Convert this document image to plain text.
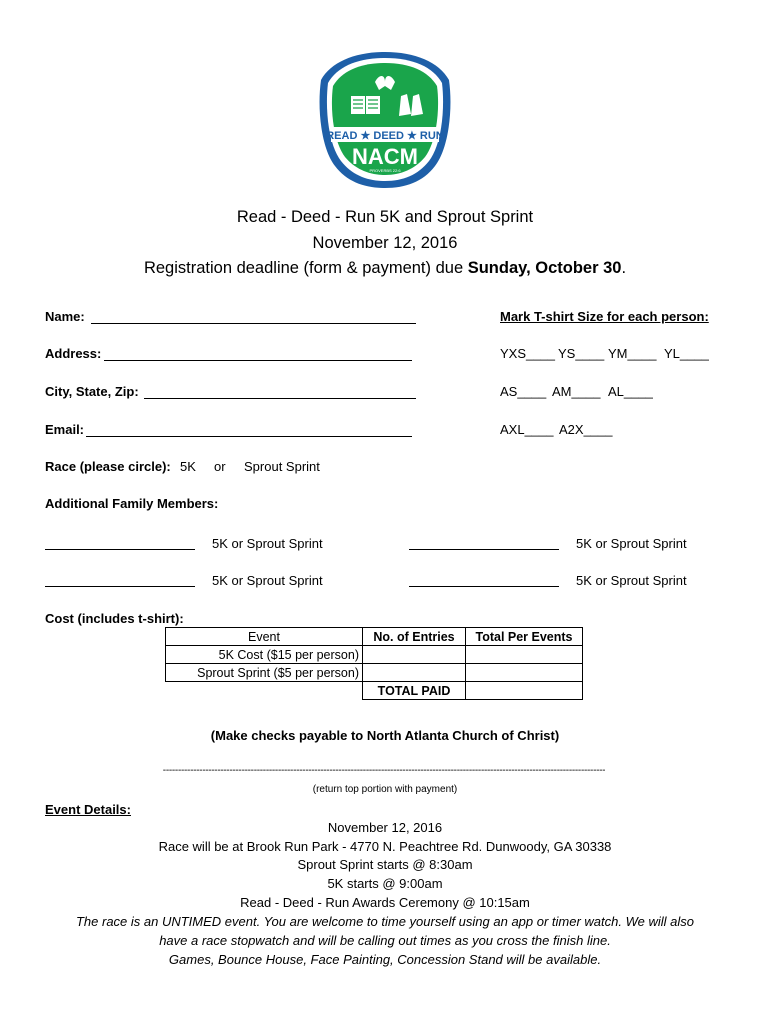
READ ★ DEED ★ RUN
NACM
PROVERBS 22:6
Read - Deed - Run 5K and Sprout Sprint
November 12, 2016
Registration deadline (form & payment) due Sunday, October 30.
Name:
Address:
City, State, Zip:
Email:
Race (please circle): 5K or Sprout Sprint
Mark T-shirt Size for each person:
YXS____ YS____ YM____ YL____
AS____ AM____ AL____
AXL____ A2X____
Additional Family Members:
5K or Sprout Sprint	5K or Sprout Sprint
5K or Sprout Sprint	5K or Sprout Sprint
Cost (includes t-shirt):
Event	No. of Entries	Total Per Events
5K Cost ($15 per person)		
Sprout Sprint ($5 per person)		
	TOTAL PAID	
(Make checks payable to North Atlanta Church of Christ)
--------------------------------------------------------------------------------------------------------------------------------------------------
(return top portion with payment)
Event Details:
November 12, 2016
Race will be at Brook Run Park - 4770 N. Peachtree Rd. Dunwoody, GA 30338
Sprout Sprint starts @ 8:30am
5K starts @ 9:00am
Read - Deed - Run Awards Ceremony @ 10:15am
The race is an UNTIMED event. You are welcome to time yourself using an app or timer watch. We will also
have a race stopwatch and will be calling out times as you cross the finish line.
Games, Bounce House, Face Painting, Concession Stand will be available.
